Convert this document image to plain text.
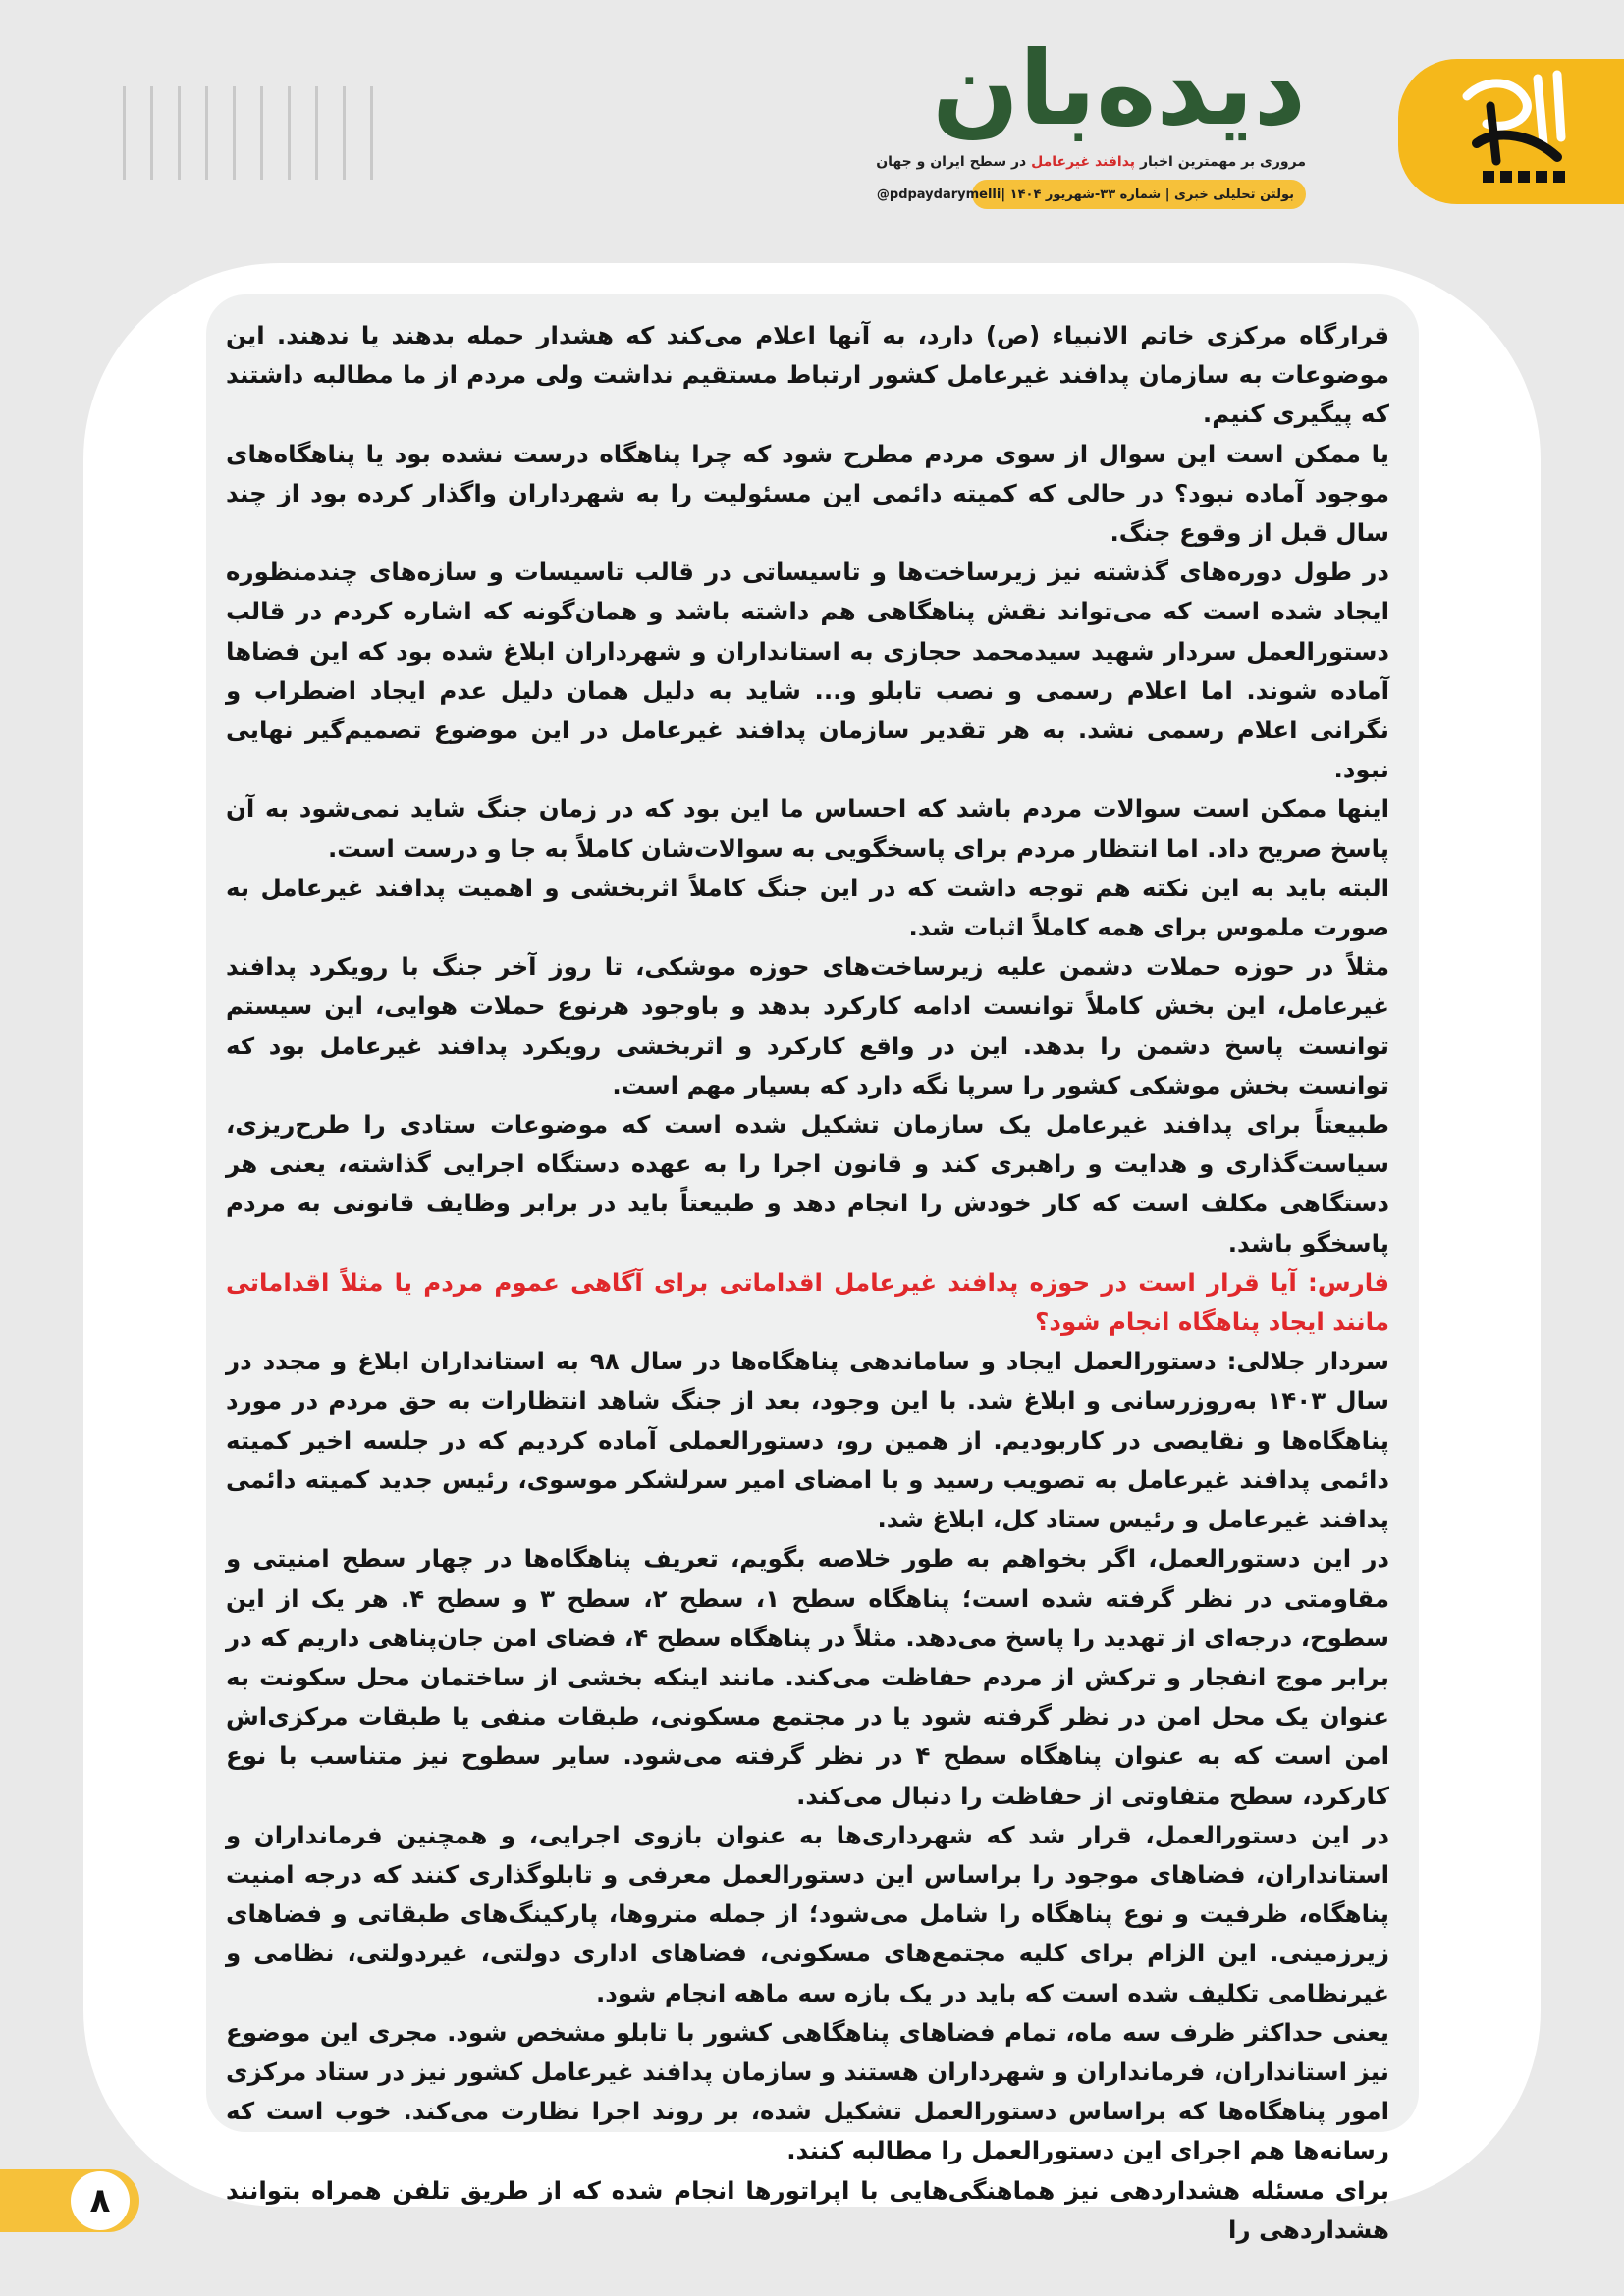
دیده‌بان
مروری بر مهمترین اخبار پدافند غیرعامل در سطح ایران و جهان
بولتن تحلیلی خبری | شماره ۳۳-شهریور ۱۴۰۴ |
@pdpaydarymelli

قرارگاه مرکزی خاتم الانبیاء (ص) دارد، به آنها اعلام می‌کند که هشدار حمله بدهند یا ندهند. این موضوعات به سازمان پدافند غیرعامل کشور ارتباط مستقیم نداشت ولی مردم از ما مطالبه داشتند که پیگیری کنیم.

یا ممکن است این سوال از سوی مردم مطرح شود که چرا پناهگاه درست نشده بود یا پناهگاه‌های موجود آماده نبود؟ در حالی که کمیته دائمی این مسئولیت را به شهرداران واگذار کرده بود از چند سال قبل از وقوع جنگ.

در طول دوره‌های گذشته نیز زیرساخت‌ها و تاسیساتی در قالب تاسیسات و سازه‌های چندمنظوره ایجاد شده است که می‌تواند نقش پناهگاهی هم داشته باشد و همان‌گونه که اشاره کردم در قالب دستورالعمل سردار شهید سیدمحمد حجازی به استانداران و شهرداران ابلاغ شده بود که این فضاها آماده شوند. اما اعلام رسمی و نصب تابلو و... شاید به دلیل همان دلیل عدم ایجاد اضطراب و نگرانی اعلام رسمی نشد. به هر تقدیر سازمان پدافند غیرعامل در این موضوع تصمیم‌گیر نهایی نبود.

اینها ممکن است سوالات مردم باشد که احساس ما این بود که در زمان جنگ شاید نمی‌شود به آن پاسخ صریح داد. اما انتظار مردم برای پاسخگویی به سوالات‌شان کاملاً به جا و درست است.

البته باید به این نکته هم توجه داشت که در این جنگ کاملاً اثربخشی و اهمیت پدافند غیرعامل به صورت ملموس برای همه کاملاً اثبات شد.

مثلاً در حوزه حملات دشمن علیه زیرساخت‌های حوزه موشکی، تا روز آخر جنگ با رویکرد پدافند غیرعامل، این بخش کاملاً توانست ادامه کارکرد بدهد و باوجود هرنوع حملات هوایی، این سیستم توانست پاسخ دشمن را بدهد. این در واقع کارکرد و اثربخشی رویکرد پدافند غیرعامل بود که توانست بخش موشکی کشور را سرپا نگه دارد که بسیار مهم است.

طبیعتاً برای پدافند غیرعامل یک سازمان تشکیل شده است که موضوعات ستادی را طرح‌ریزی، سیاست‌گذاری و هدایت و راهبری کند و قانون اجرا را به عهده دستگاه اجرایی گذاشته، یعنی هر دستگاهی مکلف است که کار خودش را انجام دهد و طبیعتاً باید در برابر وظایف قانونی به مردم پاسخگو باشد.

فارس: آیا قرار است در حوزه پدافند غیرعامل اقداماتی برای آگاهی عموم مردم یا مثلاً اقداماتی مانند ایجاد پناهگاه انجام شود؟

سردار جلالی: دستورالعمل ایجاد و ساماندهی پناهگاه‌ها در سال ۹۸ به استانداران ابلاغ و مجدد در سال ۱۴۰۳ به‌روزرسانی و ابلاغ شد. با این وجود، بعد از جنگ شاهد انتظارات به حق مردم در مورد پناهگاه‌ها و نقایصی در کاربودیم. از همین رو، دستورالعملی آماده کردیم که در جلسه اخیر کمیته دائمی پدافند غیرعامل به تصویب رسید و با امضای امیر سرلشکر موسوی، رئیس جدید کمیته دائمی پدافند غیرعامل و رئیس ستاد کل، ابلاغ شد.

در این دستورالعمل، اگر بخواهم به طور خلاصه بگویم، تعریف پناهگاه‌ها در چهار سطح امنیتی و مقاومتی در نظر گرفته شده است؛ پناهگاه سطح ۱، سطح ۲، سطح ۳ و سطح ۴. هر یک از این سطوح، درجه‌ای از تهدید را پاسخ می‌دهد. مثلاً در پناهگاه سطح ۴، فضای امن جان‌پناهی داریم که در برابر موج انفجار و ترکش از مردم حفاظت می‌کند. مانند اینکه بخشی از ساختمان محل سکونت به عنوان یک محل امن در نظر گرفته شود یا در مجتمع مسکونی، طبقات منفی یا طبقات مرکزی‌اش امن است که به عنوان پناهگاه سطح ۴ در نظر گرفته می‌شود. سایر سطوح نیز متناسب با نوع کارکرد، سطح متفاوتی از حفاظت را دنبال می‌کند.

در این دستورالعمل، قرار شد که شهرداری‌ها به عنوان بازوی اجرایی، و همچنین فرمانداران و استانداران، فضاهای موجود را براساس این دستورالعمل معرفی و تابلوگذاری کنند که درجه امنیت پناهگاه، ظرفیت و نوع پناهگاه را شامل می‌شود؛ از جمله متروها، پارکینگ‌های طبقاتی و فضاهای زیرزمینی. این الزام برای کلیه مجتمع‌های مسکونی، فضاهای اداری دولتی، غیردولتی، نظامی و غیرنظامی تکلیف شده است که باید در یک بازه سه ماهه انجام شود.

یعنی حداکثر ظرف سه ماه، تمام فضاهای پناهگاهی کشور با تابلو مشخص شود. مجری این موضوع نیز استانداران، فرمانداران و شهرداران هستند و سازمان پدافند غیرعامل کشور نیز در ستاد مرکزی امور پناهگاه‌ها که براساس دستورالعمل تشکیل شده، بر روند اجرا نظارت می‌کند. خوب است که رسانه‌ها هم اجرای این دستورالعمل را مطالبه کنند.

برای مسئله هشداردهی نیز هماهنگی‌هایی با اپراتورها انجام شده که از طریق تلفن همراه بتوانند هشداردهی را

۸
